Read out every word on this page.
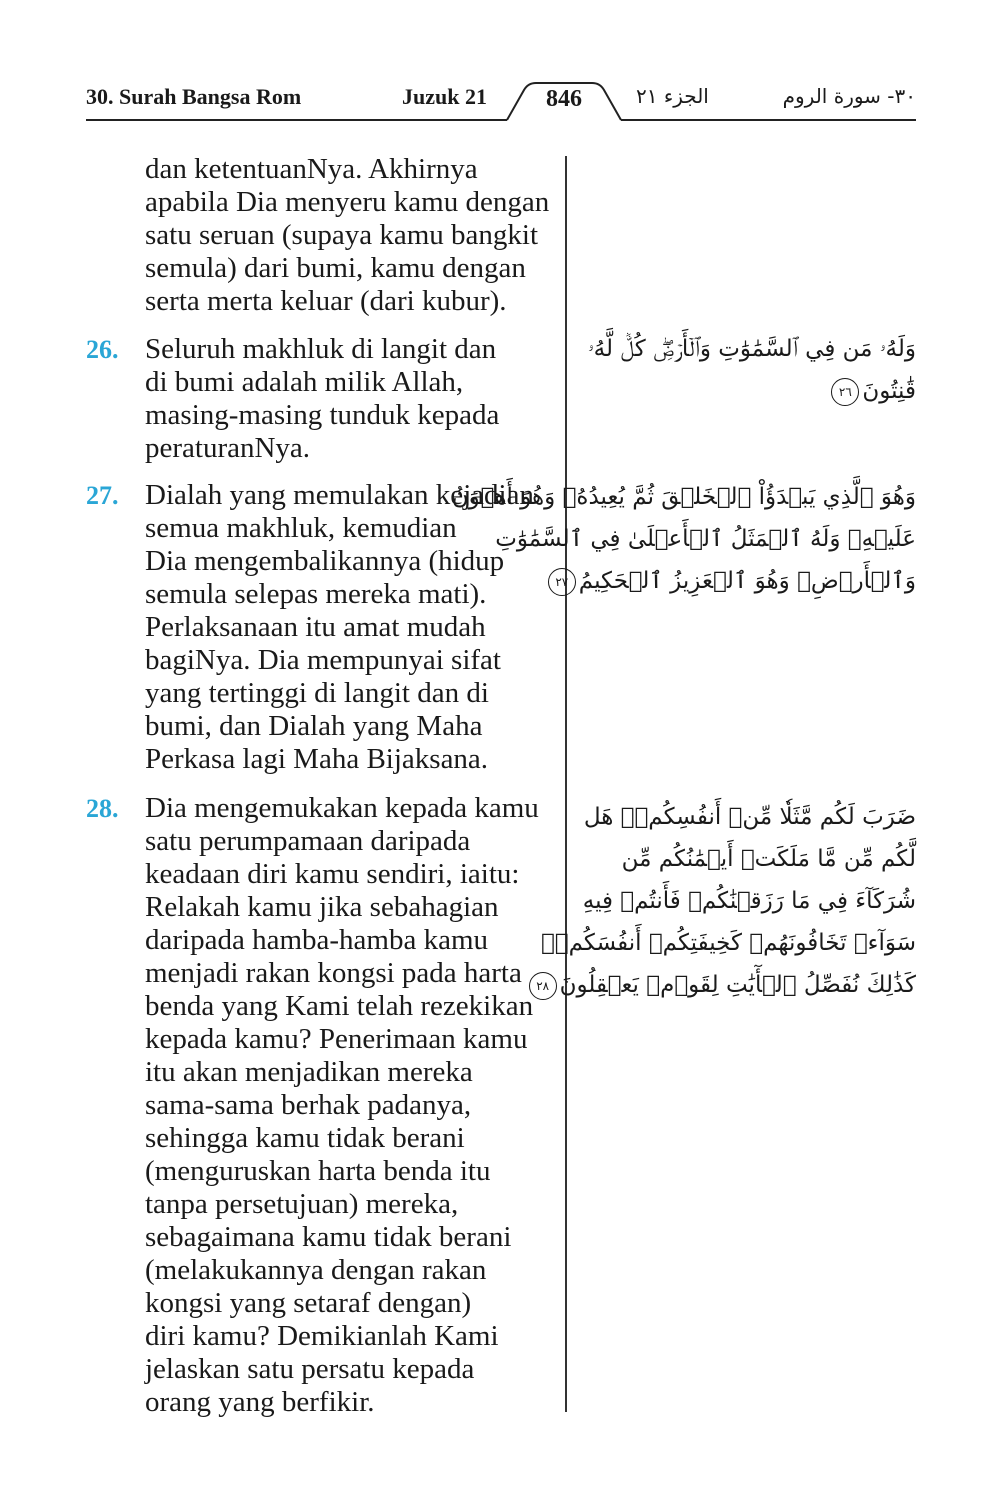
30. Surah Bangsa Rom	Juzuk 21	846	الجزء ٢١	٣٠- سورة الروم
dan ketentuanNya. Akhirnya
apabila Dia menyeru kamu dengan
satu seruan (supaya kamu bangkit
semula) dari bumi, kamu dengan
serta merta keluar (dari kubur).
26. Seluruh makhluk di langit dan
di bumi adalah milik Allah,
masing-masing tunduk kepada
peraturanNya.
وَلَهُۥ مَن فِي ٱلسَّمَٰوَٰتِ وَٱلۡأَرۡضِۖ كُلّٞ لَّهُۥ
قَٰنِتُونَ٢٦
27. Dialah yang memulakan kejadian
semua makhluk, kemudian
Dia mengembalikannya (hidup
semula selepas mereka mati).
Perlaksanaan itu amat mudah
bagiNya. Dia mempunyai sifat
yang tertinggi di langit dan di
bumi, dan Dialah yang Maha
Perkasa lagi Maha Bijaksana.
وَهُوَ ٱلَّذِي يَبۡدَؤُاْ ٱلۡخَلۡقَ ثُمَّ يُعِيدُهُۥ وَهُوَ أَهۡوَنُ
عَلَيۡهِۚ وَلَهُ ٱلۡمَثَلُ ٱلۡأَعۡلَىٰ فِي ٱلسَّمَٰوَٰتِ
وَٱلۡأَرۡضِۚ وَهُوَ ٱلۡعَزِيزُ ٱلۡحَكِيمُ٢٧
28. Dia mengemukakan kepada kamu
satu perumpamaan daripada
keadaan diri kamu sendiri, iaitu:
Relakah kamu jika sebahagian
daripada hamba-hamba kamu
menjadi rakan kongsi pada harta
benda yang Kami telah rezekikan
kepada kamu? Penerimaan kamu
itu akan menjadikan mereka
sama-sama berhak padanya,
sehingga kamu tidak berani
(menguruskan harta benda itu
tanpa persetujuan) mereka,
sebagaimana kamu tidak berani
(melakukannya dengan rakan
kongsi yang setaraf dengan)
diri kamu? Demikianlah Kami
jelaskan satu persatu kepada
orang yang berfikir.
ضَرَبَ لَكُم مَّثَلٗا مِّنۡ أَنفُسِكُمۡۖ هَل
لَّكُم مِّن مَّا مَلَكَتۡ أَيۡمَٰنُكُم مِّن
شُرَكَآءَ فِي مَا رَزَقۡنَٰكُمۡ فَأَنتُمۡ فِيهِ
سَوَآءٞ تَخَافُونَهُمۡ كَخِيفَتِكُمۡ أَنفُسَكُمۡۚ
كَذَٰلِكَ نُفَصِّلُ ٱلۡأٓيَٰتِ لِقَوۡمٖ يَعۡقِلُونَ٢٨
